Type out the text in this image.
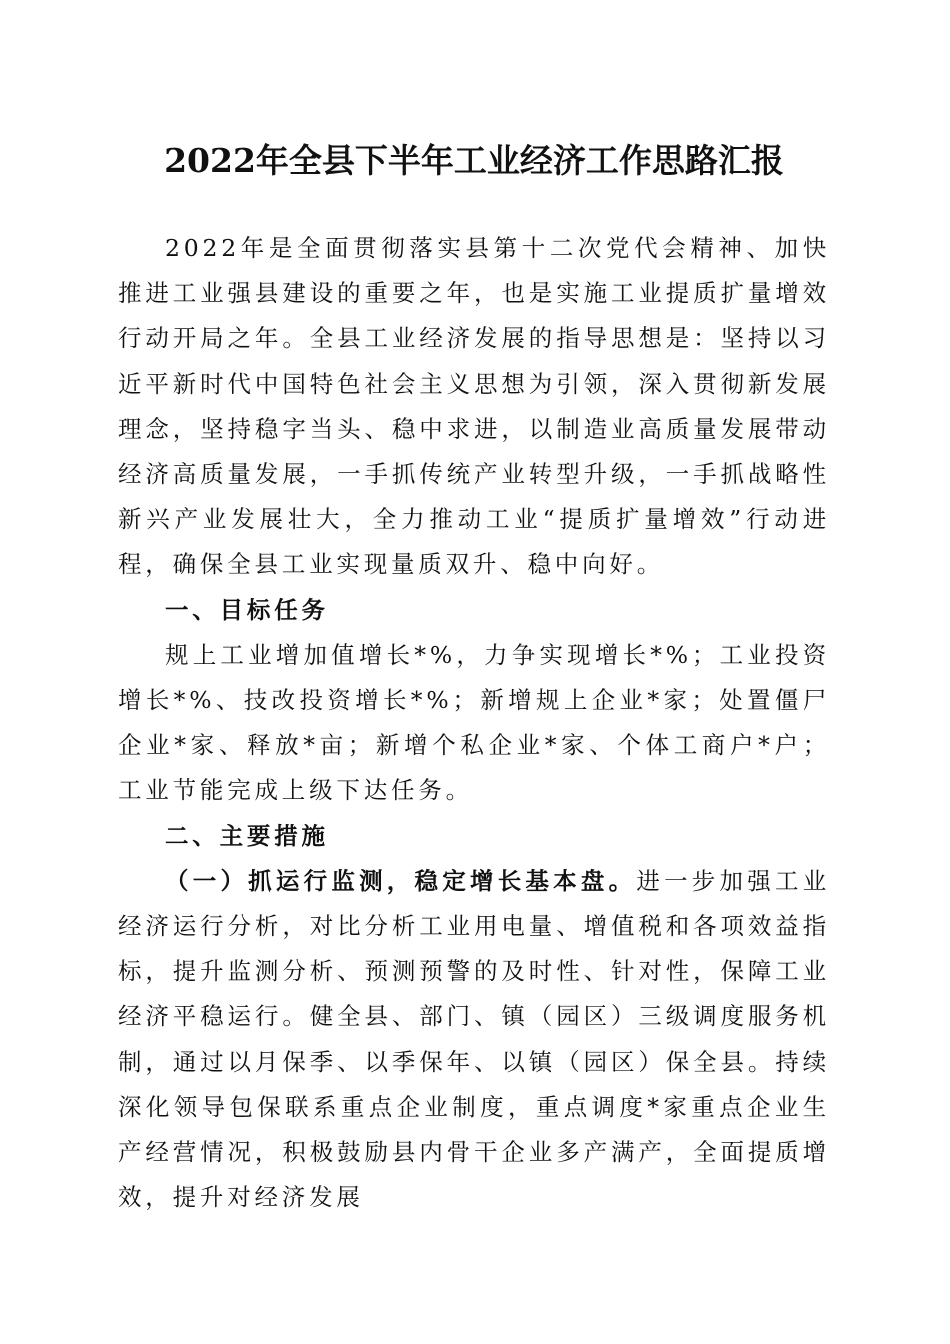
2022年全县下半年工业经济工作思路汇报

2022年是全面贯彻落实县第十二次党代会精神、加快推进工业强县建设的重要之年，也是实施工业提质扩量增效行动开局之年。全县工业经济发展的指导思想是：坚持以习近平新时代中国特色社会主义思想为引领，深入贯彻新发展理念，坚持稳字当头、稳中求进，以制造业高质量发展带动经济高质量发展，一手抓传统产业转型升级，一手抓战略性新兴产业发展壮大，全力推动工业“提质扩量增效”行动进程，确保全县工业实现量质双升、稳中向好。

一、目标任务

规上工业增加值增长*%，力争实现增长*%；工业投资增长*%、技改投资增长*%；新增规上企业*家；处置僵尸企业*家、释放*亩；新增个私企业*家、个体工商户*户；工业节能完成上级下达任务。

二、主要措施

（一）抓运行监测，稳定增长基本盘。进一步加强工业经济运行分析，对比分析工业用电量、增值税和各项效益指标，提升监测分析、预测预警的及时性、针对性，保障工业经济平稳运行。健全县、部门、镇（园区）三级调度服务机制，通过以月保季、以季保年、以镇（园区）保全县。持续深化领导包保联系重点企业制度，重点调度*家重点企业生产经营情况，积极鼓励县内骨干企业多产满产，全面提质增效，提升对经济发展
